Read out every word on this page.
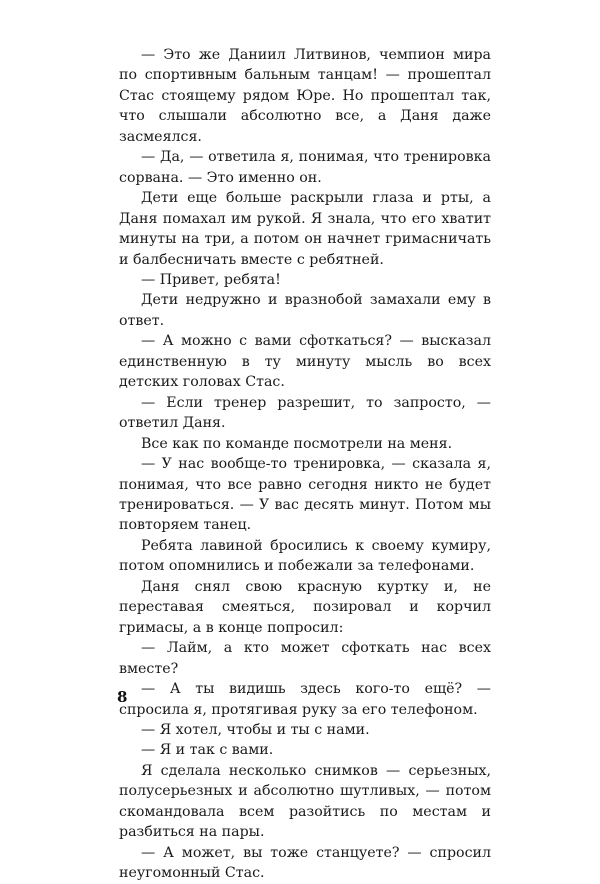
— Это же Даниил Литвинов, чемпион мира по спортивным бальным танцам! — прошептал Стас стоящему рядом Юре. Но прошептал так, что слышали абсолютно все, а Даня даже засмеялся.

— Да, — ответила я, понимая, что тренировка сорвана. — Это именно он.

Дети еще больше раскрыли глаза и рты, а Даня помахал им рукой. Я знала, что его хватит минуты на три, а потом он начнет гримасничать и балбесничать вместе с ребятней.

— Привет, ребята!

Дети недружно и вразнобой замахали ему в ответ.

— А можно с вами сфоткаться? — высказал единственную в ту минуту мысль во всех детских головах Стас.

— Если тренер разрешит, то запросто, — ответил Даня.

Все как по команде посмотрели на меня.

— У нас вообще-то тренировка, — сказала я, понимая, что все равно сегодня никто не будет тренироваться. — У вас десять минут. Потом мы повторяем танец.

Ребята лавиной бросились к своему кумиру, потом опомнились и побежали за телефонами.

Даня снял свою красную куртку и, не переставая смеяться, позировал и корчил гримасы, а в конце попросил:

— Лайм, а кто может сфоткать нас всех вместе?

— А ты видишь здесь кого-то ещё? — спросила я, протягивая руку за его телефоном.

— Я хотел, чтобы и ты с нами.

— Я и так с вами.

Я сделала несколько снимков — серьезных, полусерьезных и абсолютно шутливых, — потом скомандовала всем разойтись по местам и разбиться на пары.

— А может, вы тоже станцуете? — спросил неугомонный Стас.

8
